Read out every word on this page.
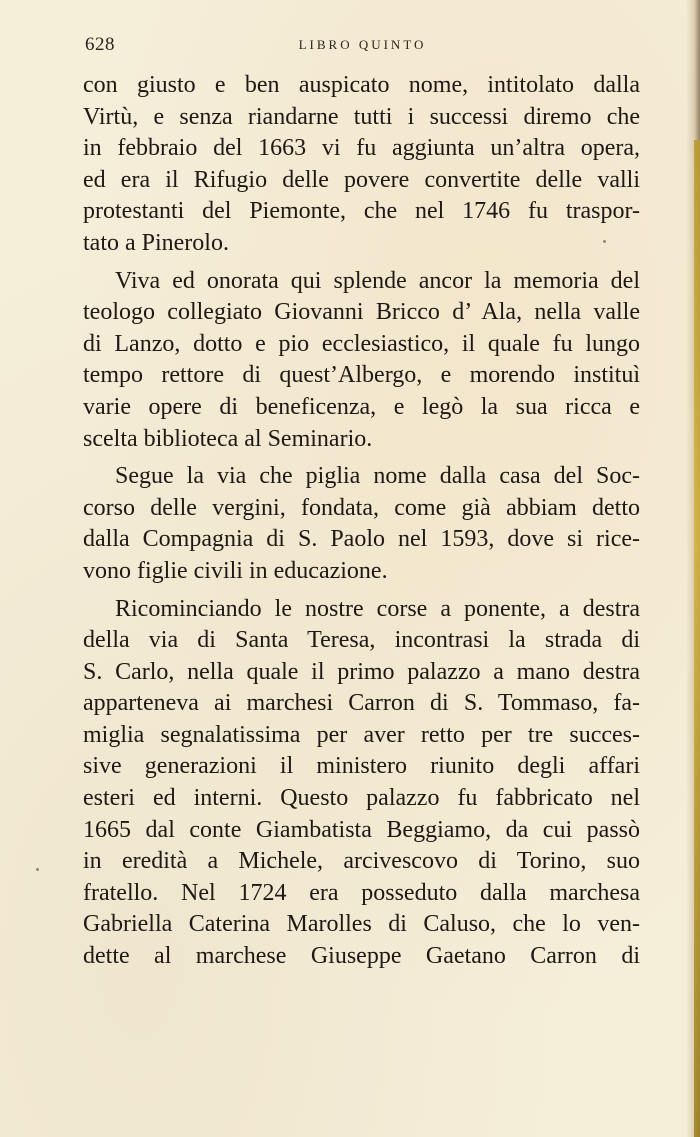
628	LIBRO QUINTO

con giusto e ben auspicato nome, intitolato dalla
Virtù, e senza riandarne tutti i successi diremo che
in febbraio del 1663 vi fu aggiunta un’altra opera,
ed era il Rifugio delle povere convertite delle valli
protestanti del Piemonte, che nel 1746 fu traspor-
tato a Pinerolo.

Viva ed onorata qui splende ancor la memoria del
teologo collegiato Giovanni Bricco d’ Ala, nella valle
di Lanzo, dotto e pio ecclesiastico, il quale fu lungo
tempo rettore di quest’Albergo, e morendo instituì
varie opere di beneficenza, e legò la sua ricca e
scelta biblioteca al Seminario.

Segue la via che piglia nome dalla casa del Soc-
corso delle vergini, fondata, come già abbiam detto
dalla Compagnia di S. Paolo nel 1593, dove si rice-
vono figlie civili in educazione.

Ricominciando le nostre corse a ponente, a destra
della via di Santa Teresa, incontrasi la strada di
S. Carlo, nella quale il primo palazzo a mano destra
apparteneva ai marchesi Carron di S. Tommaso, fa-
miglia segnalatissima per aver retto per tre succes-
sive generazioni il ministero riunito degli affari
esteri ed interni. Questo palazzo fu fabbricato nel
1665 dal conte Giambatista Beggiamo, da cui passò
in eredità a Michele, arcivescovo di Torino, suo
fratello. Nel 1724 era posseduto dalla marchesa
Gabriella Caterina Marolles di Caluso, che lo ven-
dette al marchese Giuseppe Gaetano Carron di
